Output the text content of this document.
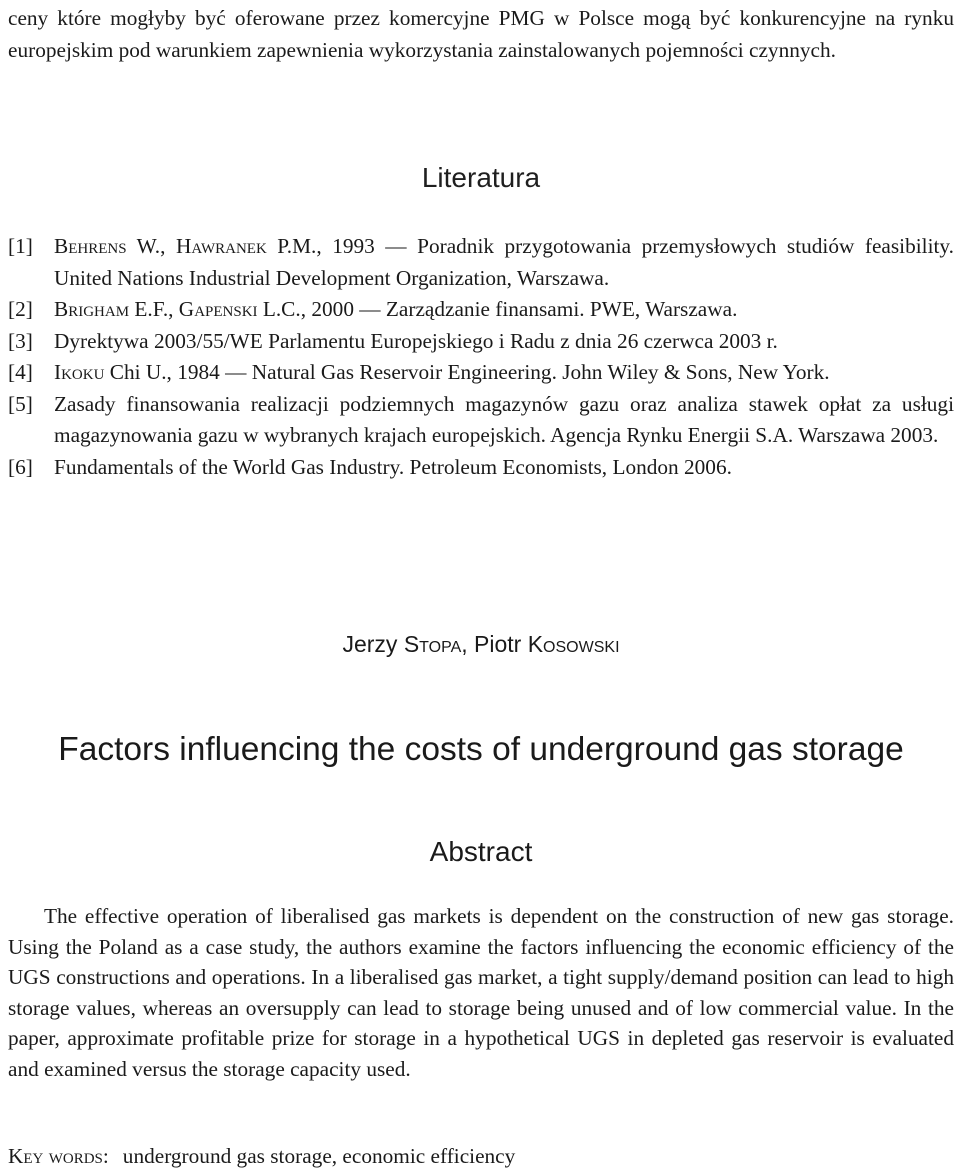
ceny które mogłyby być oferowane przez komercyjne PMG w Polsce mogą być konkurencyjne na rynku europejskim pod warunkiem zapewnienia wykorzystania zainstalowanych pojemności czynnych.

Literatura
[1] Behrens W., Hawranek P.M., 1993 — Poradnik przygotowania przemysłowych studiów feasibility. United Nations Industrial Development Organization, Warszawa.
[2] Brigham E.F., Gapenski L.C., 2000 — Zarządzanie finansami. PWE, Warszawa.
[3] Dyrektywa 2003/55/WE Parlamentu Europejskiego i Radu z dnia 26 czerwca 2003 r.
[4] Ikoku Chi U., 1984 — Natural Gas Reservoir Engineering. John Wiley & Sons, New York.
[5] Zasady finansowania realizacji podziemnych magazynów gazu oraz analiza stawek opłat za usługi magazynowania gazu w wybranych krajach europejskich. Agencja Rynku Energii S.A. Warszawa 2003.
[6] Fundamentals of the World Gas Industry. Petroleum Economists, London 2006.

Jerzy Stopa, Piotr Kosowski

Factors influencing the costs of underground gas storage
Abstract

The effective operation of liberalised gas markets is dependent on the construction of new gas storage. Using the Poland as a case study, the authors examine the factors influencing the economic efficiency of the UGS constructions and operations. In a liberalised gas market, a tight supply/demand position can lead to high storage values, whereas an oversupply can lead to storage being unused and of low commercial value. In the paper, approximate profitable prize for storage in a hypothetical UGS in depleted gas reservoir is evaluated and examined versus the storage capacity used.

Key words: underground gas storage, economic efficiency
